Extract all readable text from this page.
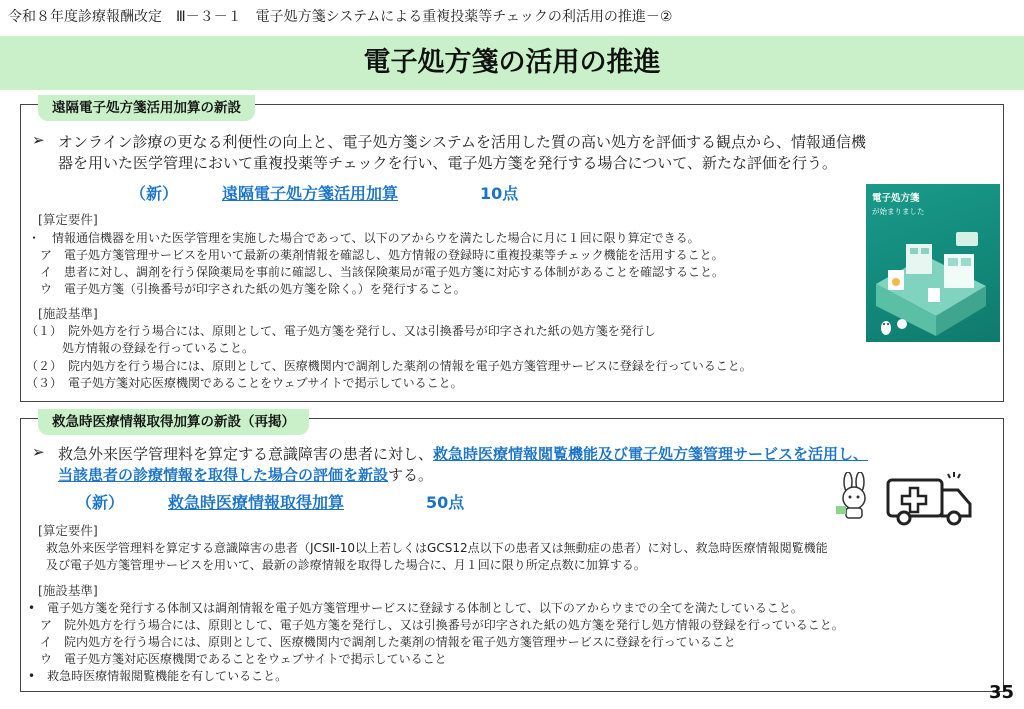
令和８年度診療報酬改定　Ⅲ－３－１　電子処方箋システムによる重複投薬等チェックの利活用の推進－②
電子処方箋の活用の推進
遠隔電子処方箋活用加算の新設
➢ オンライン診療の更なる利便性の向上と、電子処方箋システムを活用した質の高い処方を評価する観点から、情報通信機
器を用いた医学管理において重複投薬等チェックを行い、電子処方箋を発行する場合について、新たな評価を行う。
（新）	遠隔電子処方箋活用加算	10点
[算定要件]
・　情報通信機器を用いた医学管理を実施した場合であって、以下のアからウを満たした場合に月に１回に限り算定できる。
　ア　電子処方箋管理サービスを用いて最新の薬剤情報を確認し、処方情報の登録時に重複投薬等チェック機能を活用すること。
　イ　患者に対し、調剤を行う保険薬局を事前に確認し、当該保険薬局が電子処方箋に対応する体制があることを確認すること。
　ウ　電子処方箋（引換番号が印字された紙の処方箋を除く。）を発行すること。
[施設基準]
（１）　院外処方を行う場合には、原則として、電子処方箋を発行し、又は引換番号が印字された紙の処方箋を発行し
　　　処方情報の登録を行っていること。
（２）　院内処方を行う場合には、原則として、医療機関内で調剤した薬剤の情報を電子処方箋管理サービスに登録を行っていること。
（３）　電子処方箋対応医療機関であることをウェブサイトで掲示していること。
電子処方箋
が始まりました
救急時医療情報取得加算の新設（再掲）
➢ 救急外来医学管理料を算定する意識障害の患者に対し、救急時医療情報閲覧機能及び電子処方箋管理サービスを活用し、
当該患者の診療情報を取得した場合の評価を新設する。
（新）	救急時医療情報取得加算	50点
[算定要件]
救急外来医学管理料を算定する意識障害の患者（JCSⅡ-10以上若しくはGCS12点以下の患者又は無動症の患者）に対し、救急時医療情報閲覧機能
及び電子処方箋管理サービスを用いて、最新の診療情報を取得した場合に、月１回に限り所定点数に加算する。
[施設基準]
•　電子処方箋を発行する体制又は調剤情報を電子処方箋管理サービスに登録する体制として、以下のアからウまでの全てを満たしていること。
　ア　院外処方を行う場合には、原則として、電子処方箋を発行し、又は引換番号が印字された紙の処方箋を発行し処方情報の登録を行っていること。
　イ　院内処方を行う場合には、原則として、医療機関内で調剤した薬剤の情報を電子処方箋管理サービスに登録を行っていること
　ウ　電子処方箋対応医療機関であることをウェブサイトで掲示していること
•　救急時医療情報閲覧機能を有していること。
35
